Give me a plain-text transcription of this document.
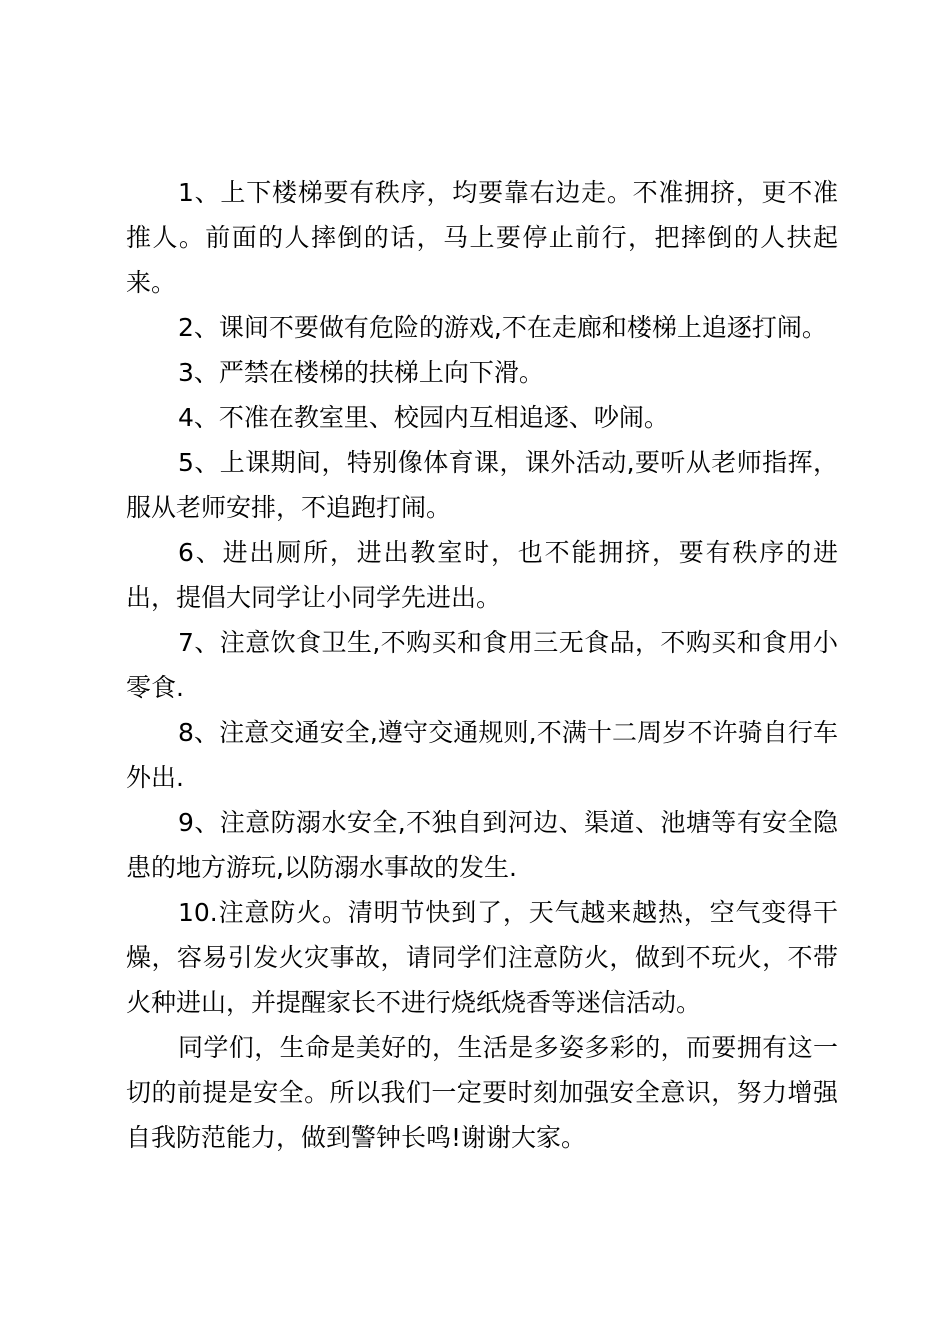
1、上下楼梯要有秩序，均要靠右边走。不准拥挤，更不准推人。前面的人摔倒的话，马上要停止前行，把摔倒的人扶起来。

2、课间不要做有危险的游戏,不在走廊和楼梯上追逐打闹。

3、严禁在楼梯的扶梯上向下滑。

4、不准在教室里、校园内互相追逐、吵闹。

5、上课期间，特别像体育课，课外活动,要听从老师指挥，服从老师安排，不追跑打闹。

6、进出厕所，进出教室时，也不能拥挤，要有秩序的进出，提倡大同学让小同学先进出。

7、注意饮食卫生,不购买和食用三无食品，不购买和食用小零食.

8、注意交通安全,遵守交通规则,不满十二周岁不许骑自行车外出.

9、注意防溺水安全,不独自到河边、渠道、池塘等有安全隐患的地方游玩,以防溺水事故的发生.

10.注意防火。清明节快到了，天气越来越热，空气变得干燥，容易引发火灾事故，请同学们注意防火，做到不玩火，不带火种进山，并提醒家长不进行烧纸烧香等迷信活动。

同学们，生命是美好的，生活是多姿多彩的，而要拥有这一切的前提是安全。所以我们一定要时刻加强安全意识，努力增强自我防范能力，做到警钟长鸣!谢谢大家。
